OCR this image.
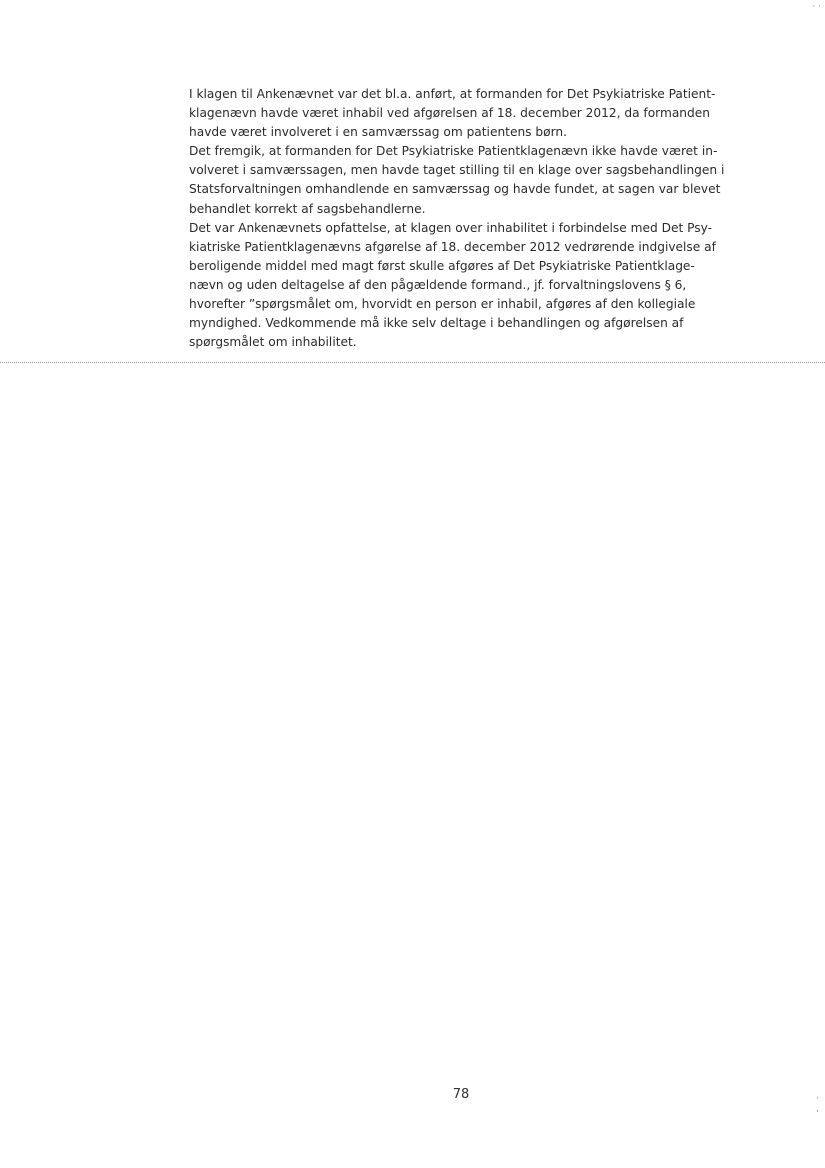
I klagen til Ankenævnet var det bl.a. anført, at formanden for Det Psykiatriske Patient-
klagenævn havde været inhabil ved afgørelsen af 18. december 2012, da formanden
havde været involveret i en samværssag om patientens børn.
Det fremgik, at formanden for Det Psykiatriske Patientklagenævn ikke havde været in-
volveret i samværssagen, men havde taget stilling til en klage over sagsbehandlingen i
Statsforvaltningen omhandlende en samværssag og havde fundet, at sagen var blevet
behandlet korrekt af sagsbehandlerne.
Det var Ankenævnets opfattelse, at klagen over inhabilitet i forbindelse med Det Psy-
kiatriske Patientklagenævns afgørelse af 18. december 2012 vedrørende indgivelse af
beroligende middel med magt først skulle afgøres af Det Psykiatriske Patientklage-
nævn og uden deltagelse af den pågældende formand., jf. forvaltningslovens § 6,
hvorefter ”spørgsmålet om, hvorvidt en person er inhabil, afgøres af den kollegiale
myndighed. Vedkommende må ikke selv deltage i behandlingen og afgørelsen af
spørgsmålet om inhabilitet.
78
· ·
·
,
